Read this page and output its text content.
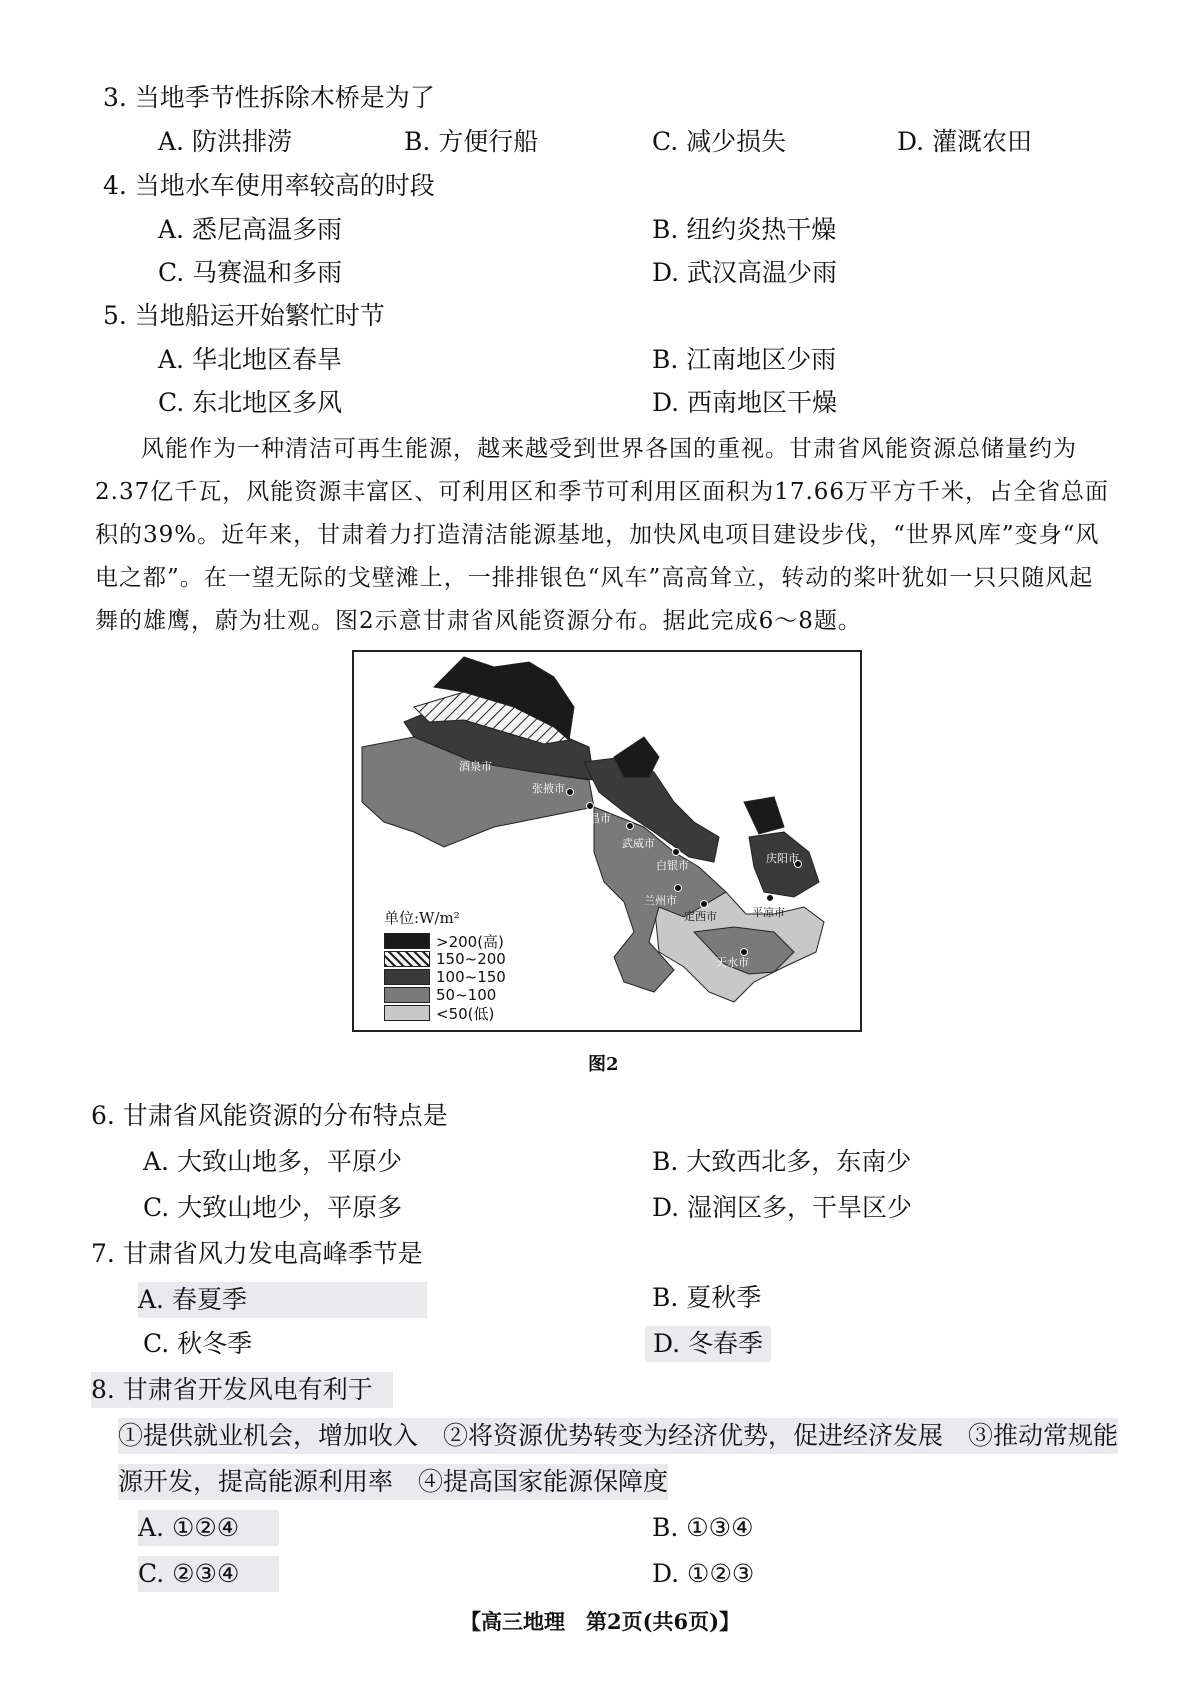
3. 当地季节性拆除木桥是为了
A. 防洪排涝	B. 方便行船	C. 减少损失	D. 灌溉农田
4. 当地水车使用率较高的时段
A. 悉尼高温多雨	B. 纽约炎热干燥
C. 马赛温和多雨	D. 武汉高温少雨
5. 当地船运开始繁忙时节
A. 华北地区春旱	B. 江南地区少雨
C. 东北地区多风	D. 西南地区干燥

风能作为一种清洁可再生能源，越来越受到世界各国的重视。甘肃省风能资源总储量约为2.37亿千瓦，风能资源丰富区、可利用区和季节可利用区面积为17.66万平方千米，占全省总面积的39%。近年来，甘肃着力打造清洁能源基地，加快风电项目建设步伐，“世界风库”变身“风电之都”。在一望无际的戈壁滩上，一排排银色“风车”高高耸立，转动的桨叶犹如一只只随风起舞的雄鹰，蔚为壮观。图2示意甘肃省风能资源分布。据此完成6～8题。

酒泉市
张掖市
金昌市
武威市
白银市
兰州市
定西市
天水市
平凉市
庆阳市
单位:W/m²
>200(高)
150~200
100~150
50~100
<50(低)
图2
6. 甘肃省风能资源的分布特点是
A. 大致山地多，平原少	B. 大致西北多，东南少
C. 大致山地少，平原多	D. 湿润区多，干旱区少
7. 甘肃省风力发电高峰季节是
A. 春夏季	B. 夏秋季
C. 秋冬季	D. 冬春季
8. 甘肃省开发风电有利于
①提供就业机会，增加收入　②将资源优势转变为经济优势，促进经济发展　③推动常规能
源开发，提高能源利用率　④提高国家能源保障度
A. ①②④	B. ①③④
C. ②③④	D. ①②③
【高三地理　第2页(共6页)】
